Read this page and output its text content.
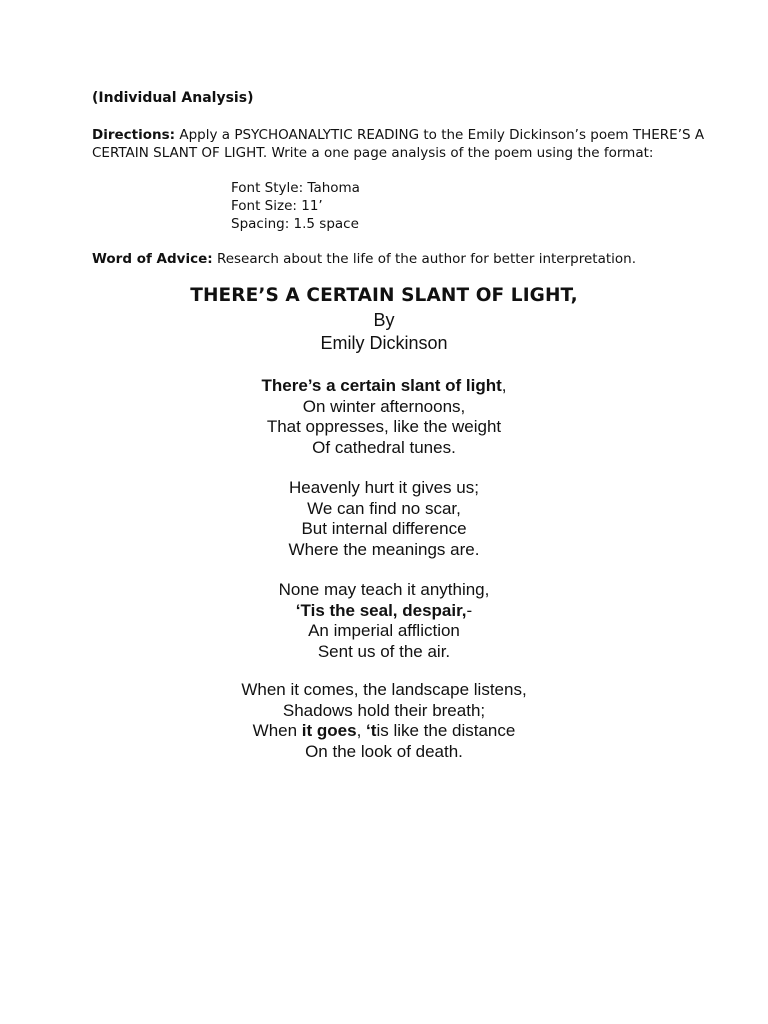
(Individual Analysis)
Directions: Apply a PSYCHOANALYTIC READING to the Emily Dickinson’s poem THERE’S A CERTAIN SLANT OF LIGHT. Write a one page analysis of the poem using the format:
Font Style: Tahoma
Font Size: 11’
Spacing: 1.5 space
Word of Advice: Research about the life of the author for better interpretation.
THERE’S A CERTAIN SLANT OF LIGHT,
By
Emily Dickinson
There’s a certain slant of light,
On winter afternoons,
That oppresses, like the weight
Of cathedral tunes.
Heavenly hurt it gives us;
We can find no scar,
But internal difference
Where the meanings are.
None may teach it anything,
‘Tis the seal, despair,-
An imperial affliction
Sent us of the air.
When it comes, the landscape listens,
Shadows hold their breath;
When it goes, ‘tis like the distance
On the look of death.
